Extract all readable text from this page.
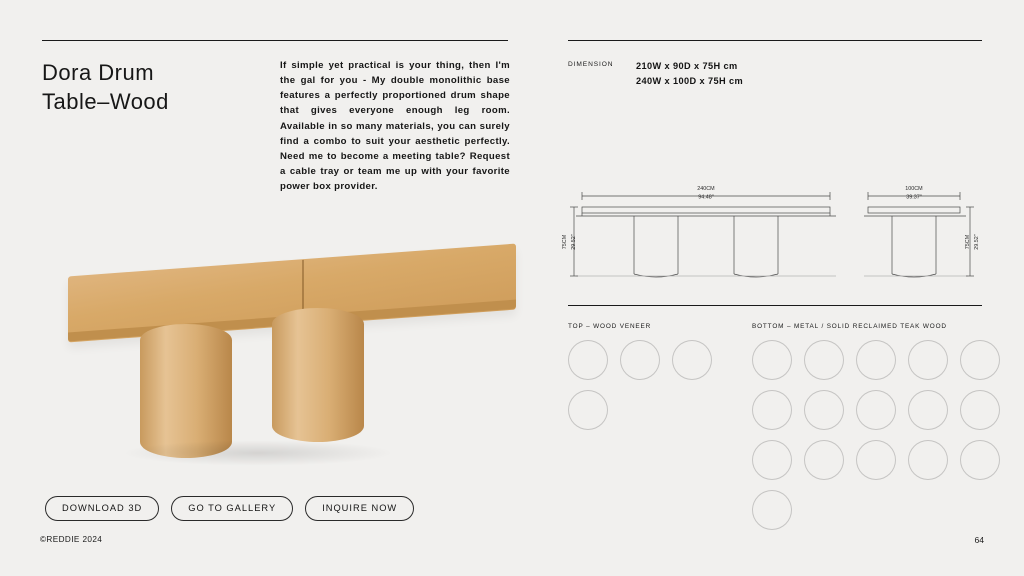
Dora Drum
Table–Wood

If simple yet practical is your thing, then I'm the gal for you - My double monolithic base features a perfectly proportioned drum shape that gives everyone enough leg room. Available in so many materials, you can surely find a combo to suit your aesthetic perfectly. Need me to become a meeting table? Request a cable tray or team me up with your favorite power box provider.

DOWNLOAD 3D	GO TO GALLERY	INQUIRE NOW
©REDDIE 2024	64
DIMENSION 210W x 90D x 75H cm
240W x 100D x 75H cm
240CM
94.48"
100CM
39.37"
75CM 29.52"	75CM 29.52"
TOP – WOOD VENEER	BOTTOM – METAL / SOLID RECLAIMED TEAK WOOD
